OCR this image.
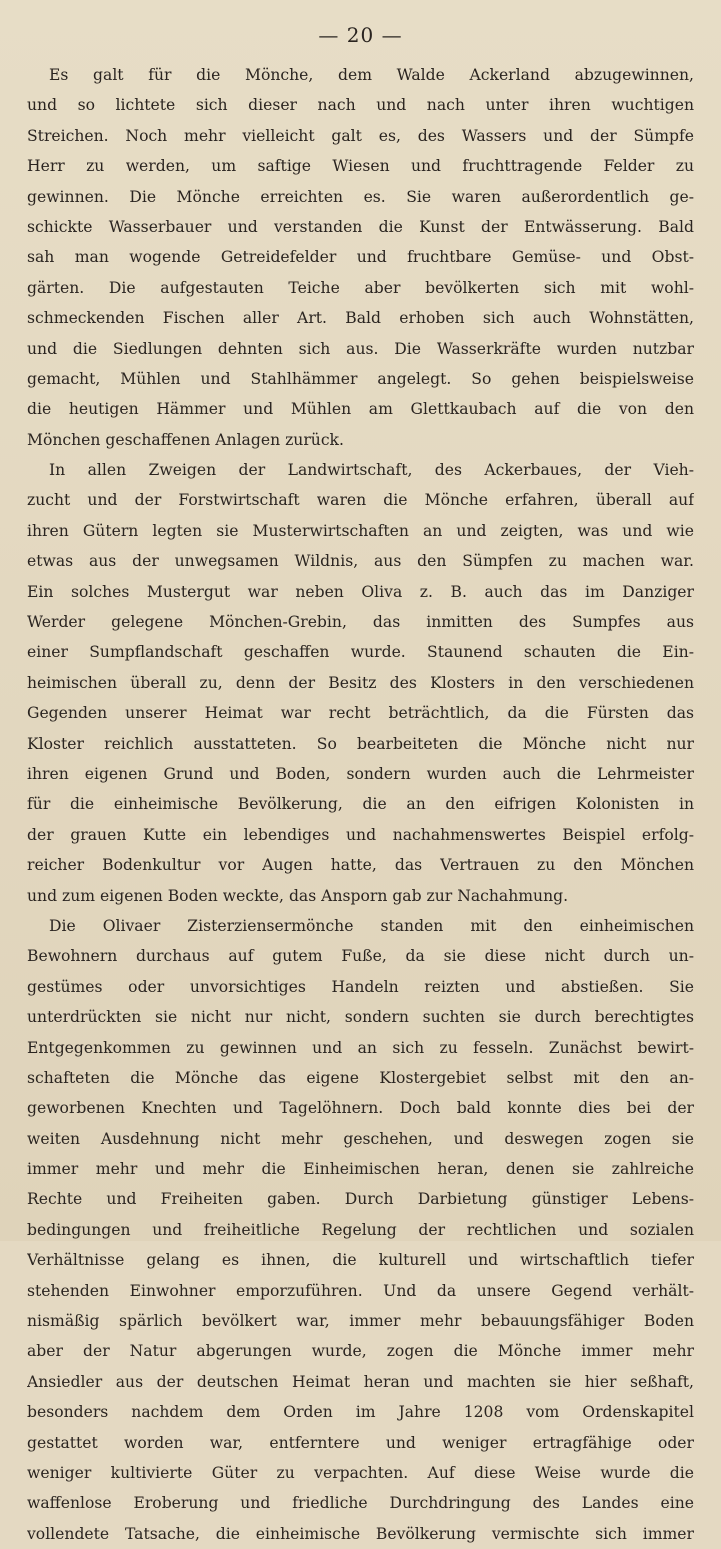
— 20 —
Es galt für die Mönche, dem Walde Ackerland abzugewinnen,
und so lichtete sich dieser nach und nach unter ihren wuchtigen
Streichen. Noch mehr vielleicht galt es, des Wassers und der Sümpfe
Herr zu werden, um saftige Wiesen und fruchttragende Felder zu
gewinnen. Die Mönche erreichten es. Sie waren außerordentlich ge-
schickte Wasserbauer und verstanden die Kunst der Entwässerung. Bald
sah man wogende Getreidefelder und fruchtbare Gemüse- und Obst-
gärten. Die aufgestauten Teiche aber bevölkerten sich mit wohl-
schmeckenden Fischen aller Art. Bald erhoben sich auch Wohnstätten,
und die Siedlungen dehnten sich aus. Die Wasserkräfte wurden nutzbar
gemacht, Mühlen und Stahlhämmer angelegt. So gehen beispielsweise
die heutigen Hämmer und Mühlen am Glettkaubach auf die von den
Mönchen geschaffenen Anlagen zurück.
In allen Zweigen der Landwirtschaft, des Ackerbaues, der Vieh-
zucht und der Forstwirtschaft waren die Mönche erfahren, überall auf
ihren Gütern legten sie Musterwirtschaften an und zeigten, was und wie
etwas aus der unwegsamen Wildnis, aus den Sümpfen zu machen war.
Ein solches Mustergut war neben Oliva z. B. auch das im Danziger
Werder gelegene Mönchen-Grebin, das inmitten des Sumpfes aus
einer Sumpflandschaft geschaffen wurde. Staunend schauten die Ein-
heimischen überall zu, denn der Besitz des Klosters in den verschiedenen
Gegenden unserer Heimat war recht beträchtlich, da die Fürsten das
Kloster reichlich ausstatteten. So bearbeiteten die Mönche nicht nur
ihren eigenen Grund und Boden, sondern wurden auch die Lehrmeister
für die einheimische Bevölkerung, die an den eifrigen Kolonisten in
der grauen Kutte ein lebendiges und nachahmenswertes Beispiel erfolg-
reicher Bodenkultur vor Augen hatte, das Vertrauen zu den Mönchen
und zum eigenen Boden weckte, das Ansporn gab zur Nachahmung.
Die Olivaer Zisterziensermönche standen mit den einheimischen
Bewohnern durchaus auf gutem Fuße, da sie diese nicht durch un-
gestümes oder unvorsichtiges Handeln reizten und abstießen. Sie
unterdrückten sie nicht nur nicht, sondern suchten sie durch berechtigtes
Entgegenkommen zu gewinnen und an sich zu fesseln. Zunächst bewirt-
schafteten die Mönche das eigene Klostergebiet selbst mit den an-
geworbenen Knechten und Tagelöhnern. Doch bald konnte dies bei der
weiten Ausdehnung nicht mehr geschehen, und deswegen zogen sie
immer mehr und mehr die Einheimischen heran, denen sie zahlreiche
Rechte und Freiheiten gaben. Durch Darbietung günstiger Lebens-
bedingungen und freiheitliche Regelung der rechtlichen und sozialen
Verhältnisse gelang es ihnen, die kulturell und wirtschaftlich tiefer
stehenden Einwohner emporzuführen. Und da unsere Gegend verhält-
nismäßig spärlich bevölkert war, immer mehr bebauungsfähiger Boden
aber der Natur abgerungen wurde, zogen die Mönche immer mehr
Ansiedler aus der deutschen Heimat heran und machten sie hier seßhaft,
besonders nachdem dem Orden im Jahre 1208 vom Ordenskapitel
gestattet worden war, entferntere und weniger ertragfähige oder
weniger kultivierte Güter zu verpachten. Auf diese Weise wurde die
waffenlose Eroberung und friedliche Durchdringung des Landes eine
vollendete Tatsache, die einheimische Bevölkerung vermischte sich immer
